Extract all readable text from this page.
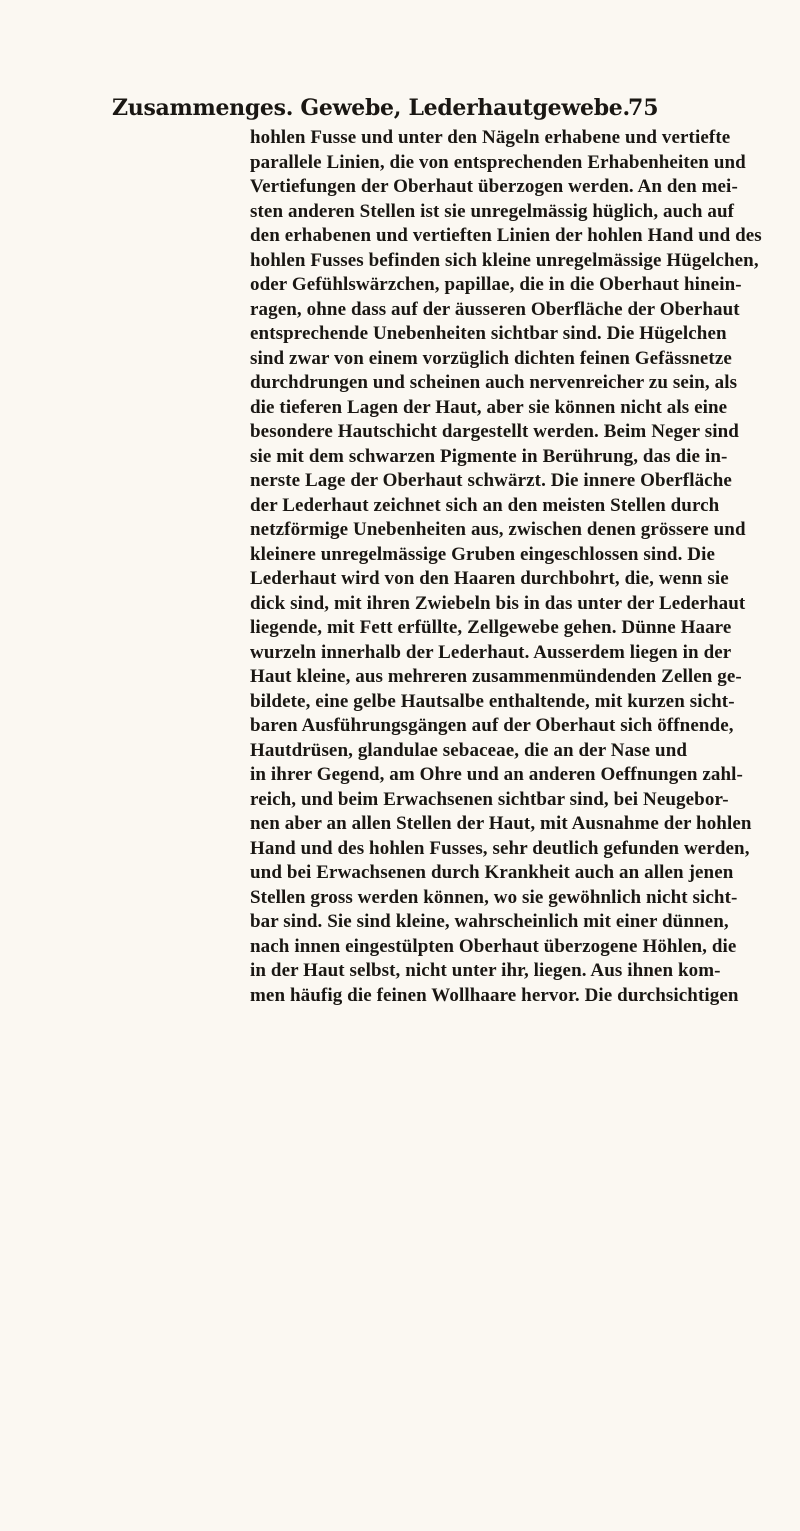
Zusammenges. Gewebe, Lederhautgewebe.
75
hohlen Fusse und unter den Nägeln erhabene und vertiefte
parallele Linien, die von entsprechenden Erhabenheiten und
Vertiefungen der Oberhaut überzogen werden. An den mei-
sten anderen Stellen ist sie unregelmässig hüglich, auch auf
den erhabenen und vertieften Linien der hohlen Hand und des
hohlen Fusses befinden sich kleine unregelmässige Hügelchen,
oder Gefühlswärzchen, papillae, die in die Oberhaut hinein-
ragen, ohne dass auf der äusseren Oberfläche der Oberhaut
entsprechende Unebenheiten sichtbar sind. Die Hügelchen
sind zwar von einem vorzüglich dichten feinen Gefässnetze
durchdrungen und scheinen auch nervenreicher zu sein, als
die tieferen Lagen der Haut, aber sie können nicht als eine
besondere Hautschicht dargestellt werden. Beim Neger sind
sie mit dem schwarzen Pigmente in Berührung, das die in-
nerste Lage der Oberhaut schwärzt. Die innere Oberfläche
der Lederhaut zeichnet sich an den meisten Stellen durch
netzförmige Unebenheiten aus, zwischen denen grössere und
kleinere unregelmässige Gruben eingeschlossen sind. Die
Lederhaut wird von den Haaren durchbohrt, die, wenn sie
dick sind, mit ihren Zwiebeln bis in das unter der Lederhaut
liegende, mit Fett erfüllte, Zellgewebe gehen. Dünne Haare
wurzeln innerhalb der Lederhaut. Ausserdem liegen in der
Haut kleine, aus mehreren zusammenmündenden Zellen ge-
bildete, eine gelbe Hautsalbe enthaltende, mit kurzen sicht-
baren Ausführungsgängen auf der Oberhaut sich öffnende,
Hautdrüsen, glandulae sebaceae, die an der Nase und
in ihrer Gegend, am Ohre und an anderen Oeffnungen zahl-
reich, und beim Erwachsenen sichtbar sind, bei Neugebor-
nen aber an allen Stellen der Haut, mit Ausnahme der hohlen
Hand und des hohlen Fusses, sehr deutlich gefunden werden,
und bei Erwachsenen durch Krankheit auch an allen jenen
Stellen gross werden können, wo sie gewöhnlich nicht sicht-
bar sind. Sie sind kleine, wahrscheinlich mit einer dünnen,
nach innen eingestülpten Oberhaut überzogene Höhlen, die
in der Haut selbst, nicht unter ihr, liegen. Aus ihnen kom-
men häufig die feinen Wollhaare hervor. Die durchsichtigen
